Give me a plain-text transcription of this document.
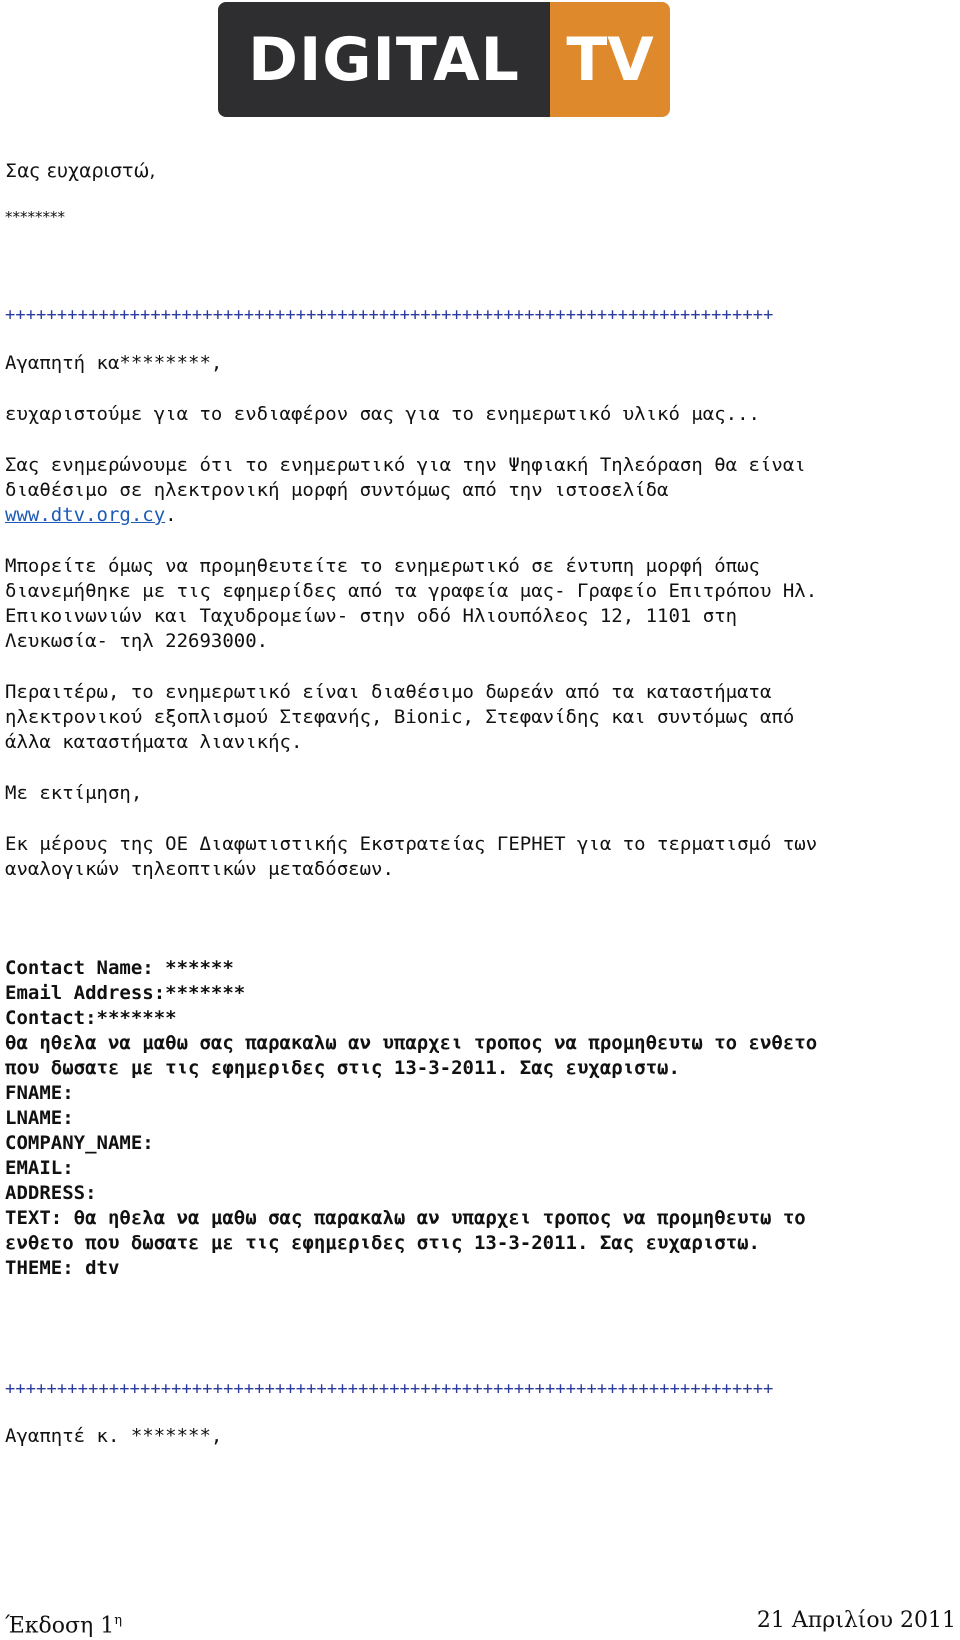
DIGITAL TV
Σας ευχαριστώ,
********
++++++++++++++++++++++++++++++++++++++++++++++++++++++++++++++++++++++++++
Αγαπητή κα********,
ευχαριστούμε για το ενδιαφέρον σας για το ενημερωτικό υλικό μας...
Σας ενημερώνουμε ότι το ενημερωτικό για την Ψηφιακή Τηλεόραση θα είναι
διαθέσιμο σε ηλεκτρονική μορφή συντόμως από την ιστοσελίδα
www.dtv.org.cy.
Μπορείτε όμως να προμηθευτείτε το ενημερωτικό σε έντυπη μορφή όπως
διανεμήθηκε με τις εφημερίδες από τα γραφεία μας- Γραφείο Επιτρόπου Ηλ.
Επικοινωνιών και Ταχυδρομείων- στην οδό Ηλιουπόλεος 12, 1101 στη
Λευκωσία- τηλ 22693000.
Περαιτέρω, το ενημερωτικό είναι διαθέσιμο δωρεάν από τα καταστήματα
ηλεκτρονικού εξοπλισμού Στεφανής, Bionic, Στεφανίδης και συντόμως από
άλλα καταστήματα λιανικής.
Με εκτίμηση,
Εκ μέρους της ΟΕ Διαφωτιστικής Εκστρατείας ΓΕΡΗΕΤ για το τερματισμό των
αναλογικών τηλεοπτικών μεταδόσεων.
Contact Name: ******
Email Address:*******
Contact:*******
θα ηθελα να μαθω σας παρακαλω αν υπαρχει τροπος να προμηθευτω το ενθετο
που δωσατε με τις εφημεριδες στις 13-3-2011. Σας ευχαριστω.
FNAME:
LNAME:
COMPANY_NAME:
EMAIL:
ADDRESS:
TEXT: θα ηθελα να μαθω σας παρακαλω αν υπαρχει τροπος να προμηθευτω το
ενθετο που δωσατε με τις εφημεριδες στις 13-3-2011. Σας ευχαριστω.
THEME: dtv
++++++++++++++++++++++++++++++++++++++++++++++++++++++++++++++++++++++++++
Αγαπητέ κ. *******,
Έκδοση $1^\eta$	21 Απριλίου 2011
